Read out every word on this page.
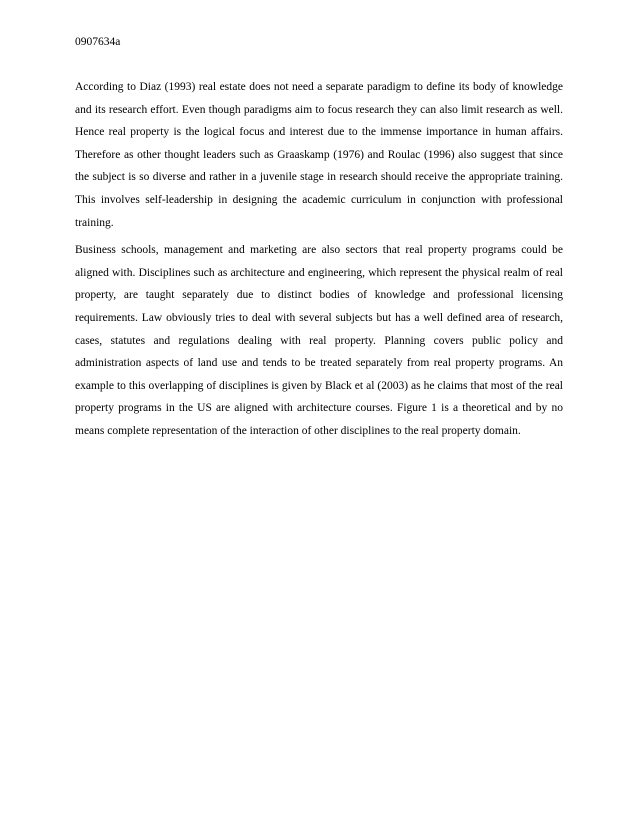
0907634a

According to Diaz (1993) real estate does not need a separate paradigm to define its body of knowledge and its research effort. Even though paradigms aim to focus research they can also limit research as well. Hence real property is the logical focus and interest due to the immense importance in human affairs. Therefore as other thought leaders such as Graaskamp (1976) and Roulac (1996) also suggest that since the subject is so diverse and rather in a juvenile stage in research should receive the appropriate training. This involves self-leadership in designing the academic curriculum in conjunction with professional training.

Business schools, management and marketing are also sectors that real property programs could be aligned with. Disciplines such as architecture and engineering, which represent the physical realm of real property, are taught separately due to distinct bodies of knowledge and professional licensing requirements. Law obviously tries to deal with several subjects but has a well defined area of research, cases, statutes and regulations dealing with real property. Planning covers public policy and administration aspects of land use and tends to be treated separately from real property programs. An example to this overlapping of disciplines is given by Black et al (2003) as he claims that most of the real property programs in the US are aligned with architecture courses. Figure 1 is a theoretical and by no means complete representation of the interaction of other disciplines to the real property domain.
